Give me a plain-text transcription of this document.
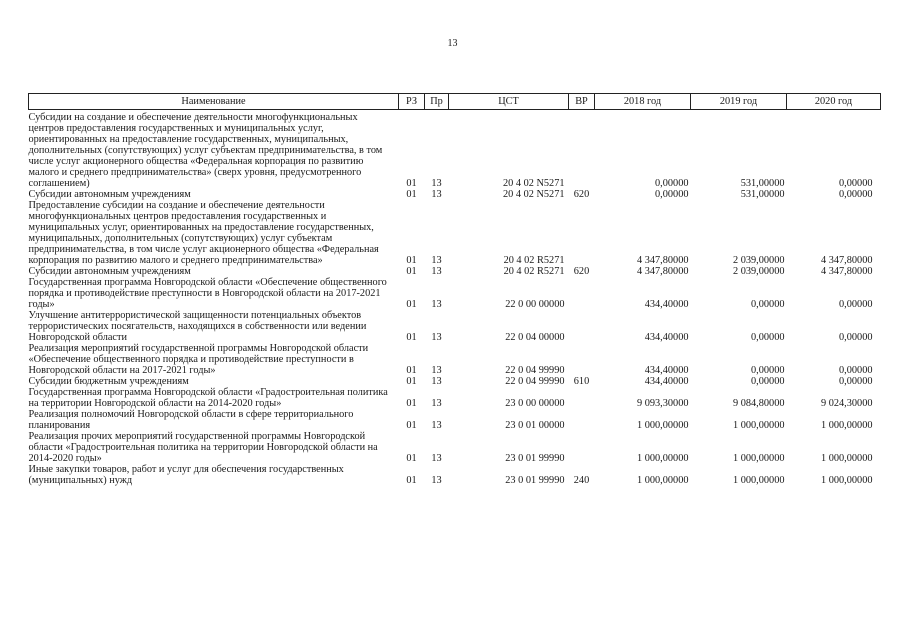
13
Наименование	РЗ	Пр	ЦСТ	ВР	2018 год	2019 год	2020 год

Субсидии на создание и обеспечение деятельности многофункциональных центров предоставления государственных и муниципальных услуг, ориентированных на предоставление государственных, муниципальных, дополнительных (сопутствующих) услуг субъектам предпринимательства, в том числе услуг акционерного общества «Федеральная корпорация по развитию малого и среднего предпринимательства» (сверх уровня, предусмотренного соглашением)	01	13	20 4 02 N5271		0,00000	531,00000	0,00000
Субсидии автономным учреждениям	01	13	20 4 02 N5271	620	0,00000	531,00000	0,00000
Предоставление субсидии на создание и обеспечение деятельности многофункциональных центров предоставления государственных и муниципальных услуг, ориентированных на предоставление государственных, муниципальных, дополнительных (сопутствующих) услуг субъектам предпринимательства, в том числе услуг акционерного общества «Федеральная корпорация по развитию малого и среднего предпринимательства»	01	13	20 4 02 R5271		4 347,80000	2 039,00000	4 347,80000
Субсидии автономным учреждениям	01	13	20 4 02 R5271	620	4 347,80000	2 039,00000	4 347,80000
Государственная программа Новгородской области «Обеспечение общественного порядка и противодействие преступности в Новгородской области на 2017-2021 годы»	01	13	22 0 00 00000		434,40000	0,00000	0,00000
Улучшение антитеррористической защищенности потенциальных объектов террористических посягательств, находящихся в собственности или ведении Новгородской области	01	13	22 0 04 00000		434,40000	0,00000	0,00000
Реализация мероприятий государственной программы Новгородской области «Обеспечение общественного порядка и противодействие преступности в Новгородской области на 2017-2021 годы»	01	13	22 0 04 99990		434,40000	0,00000	0,00000
Субсидии бюджетным учреждениям	01	13	22 0 04 99990	610	434,40000	0,00000	0,00000
Государственная программа Новгородской области «Градостроительная политика на территории Новгородской области на 2014-2020 годы»	01	13	23 0 00 00000		9 093,30000	9 084,80000	9 024,30000
Реализация полномочий Новгородской области в сфере территориального планирования	01	13	23 0 01 00000		1 000,00000	1 000,00000	1 000,00000
Реализация прочих мероприятий государственной программы Новгородской области «Градостроительная политика на территории Новгородской области на 2014-2020 годы»	01	13	23 0 01 99990		1 000,00000	1 000,00000	1 000,00000
Иные закупки товаров, работ и услуг для обеспечения государственных (муниципальных) нужд	01	13	23 0 01 99990	240	1 000,00000	1 000,00000	1 000,00000
